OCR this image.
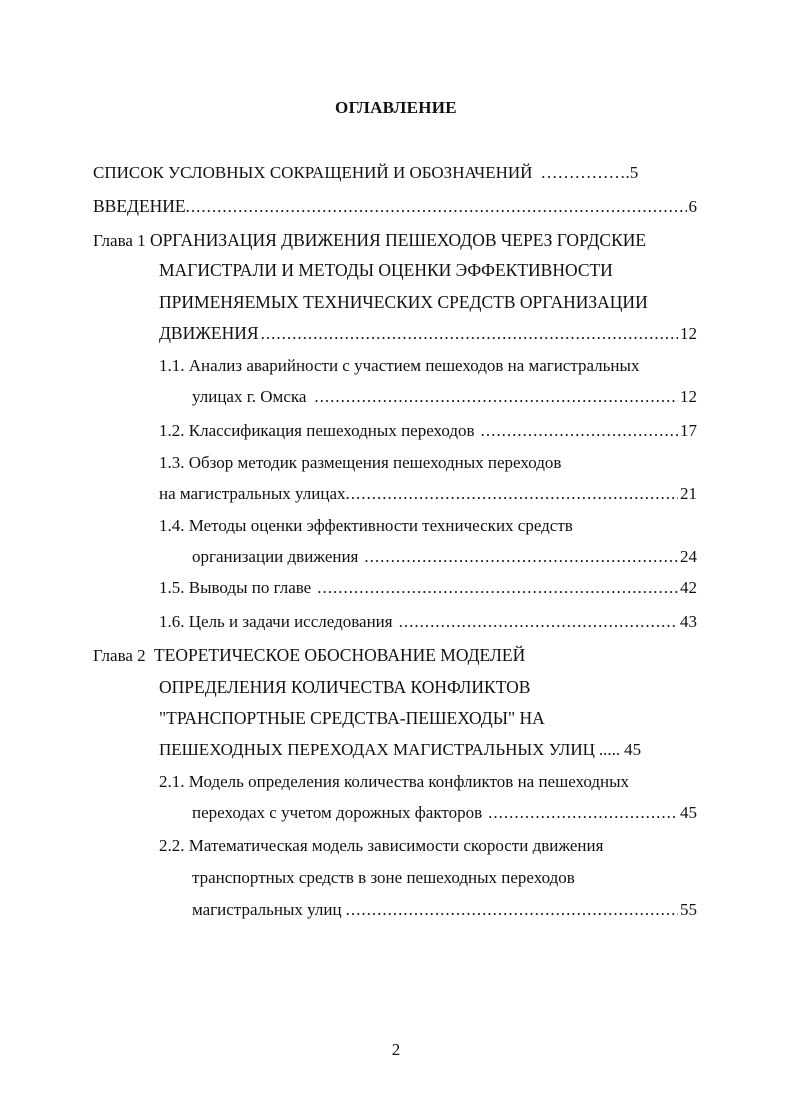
ОГЛАВЛЕНИЕ
СПИСОК УСЛОВНЫХ СОКРАЩЕНИЙ И ОБОЗНАЧЕНИЙ …………… .5
ВВЕДЕНИЕ .....	6
Глава 1 ОРГАНИЗАЦИЯ ДВИЖЕНИЯ ПЕШЕХОДОВ ЧЕРЕЗ ГОРДСКИЕ
МАГИСТРАЛИ И МЕТОДЫ ОЦЕНКИ ЭФФЕКТИВНОСТИ
ПРИМЕНЯЕМЫХ ТЕХНИЧЕСКИХ СРЕДСТВ ОРГАНИЗАЦИИ
ДВИЖЕНИЯ .....	12
1.1. Анализ аварийности с участием пешеходов на магистральных
улицах г. Омска .....	12
1.2. Классификация пешеходных переходов .....	17
1.3. Обзор методик размещения пешеходных переходов
на магистральных улицах .....	21
1.4. Методы оценки эффективности технических средств
организации движения .....	24
1.5. Выводы по главе .....	42
1.6. Цель и задачи исследования .....	43
Глава 2 ТЕОРЕТИЧЕСКОЕ ОБОСНОВАНИЕ МОДЕЛЕЙ
ОПРЕДЕЛЕНИЯ КОЛИЧЕСТВА КОНФЛИКТОВ
"ТРАНСПОРТНЫЕ СРЕДСТВА-ПЕШЕХОДЫ" НА
ПЕШЕХОДНЫХ ПЕРЕХОДАХ МАГИСТРАЛЬНЫХ УЛИЦ ..... 45
2.1. Модель определения количества конфликтов на пешеходных
переходах с учетом дорожных факторов .....	45
2.2. Математическая модель зависимости скорости движения
транспортных средств в зоне пешеходных переходов
магистральных улиц .....	55
2
